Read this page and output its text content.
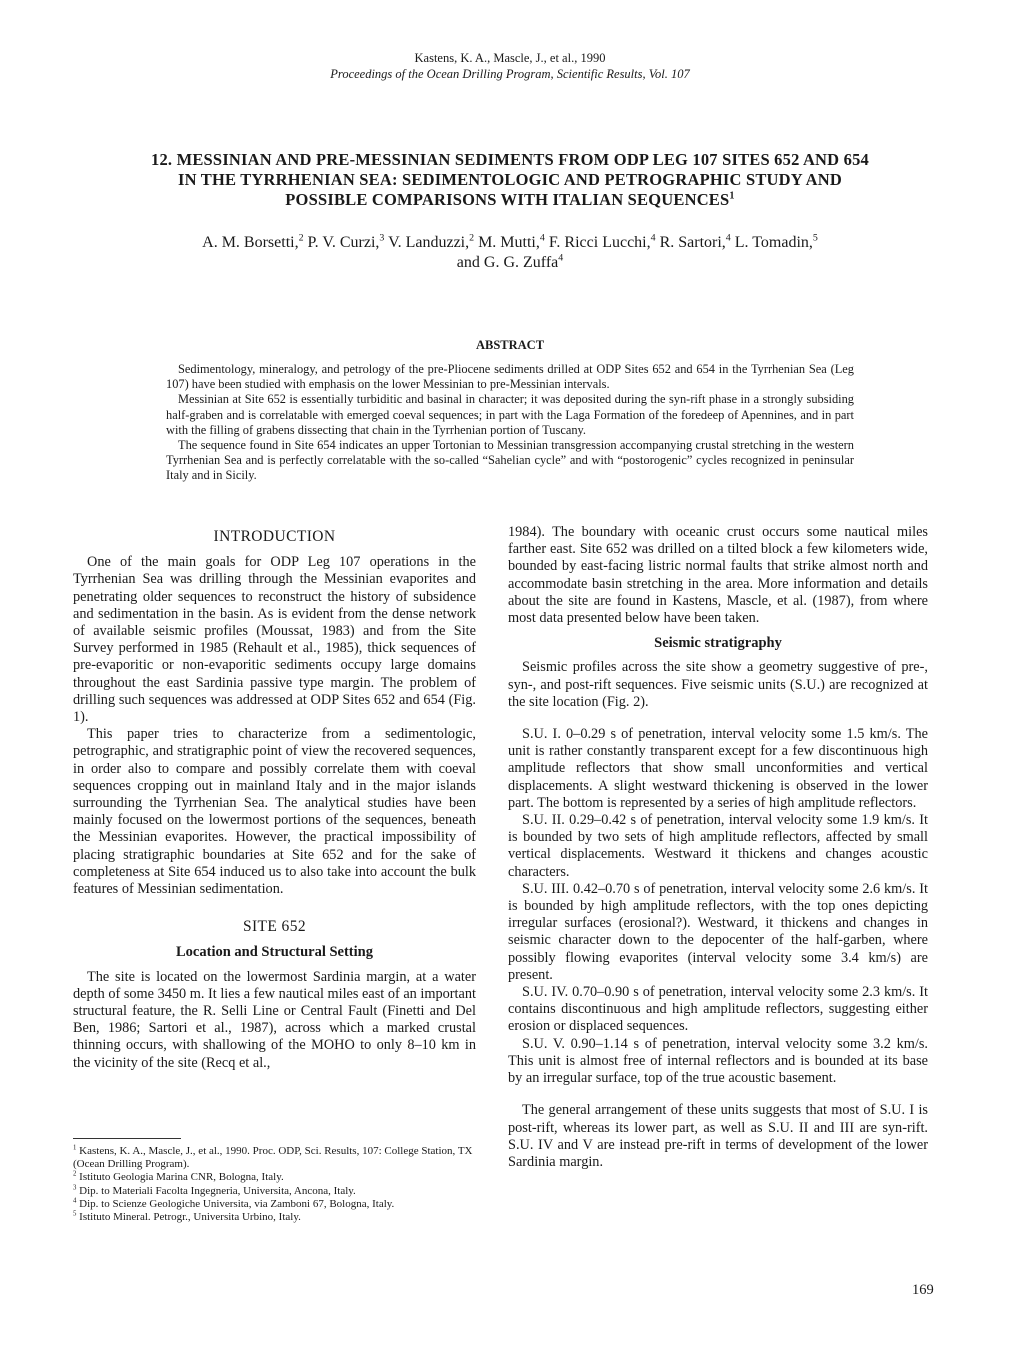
Kastens, K. A., Mascle, J., et al., 1990
Proceedings of the Ocean Drilling Program, Scientific Results, Vol. 107
12. MESSINIAN AND PRE-MESSINIAN SEDIMENTS FROM ODP LEG 107 SITES 652 AND 654
IN THE TYRRHENIAN SEA: SEDIMENTOLOGIC AND PETROGRAPHIC STUDY AND
POSSIBLE COMPARISONS WITH ITALIAN SEQUENCES$^1$
A. M. Borsetti,$^2$ P. V. Curzi,$^3$ V. Landuzzi,$^2$ M. Mutti,$^4$ F. Ricci Lucchi,$^4$ R. Sartori,$^4$ L. Tomadin,$^5$
and G. G. Zuffa$^4$
ABSTRACT

Sedimentology, mineralogy, and petrology of the pre-Pliocene sediments drilled at ODP Sites 652 and 654 in the Tyrrhenian Sea (Leg 107) have been studied with emphasis on the lower Messinian to pre-Messinian intervals.

Messinian at Site 652 is essentially turbiditic and basinal in character; it was deposited during the syn-rift phase in a strongly subsiding half-graben and is correlatable with emerged coeval sequences; in part with the Laga Formation of the foredeep of Apennines, and in part with the filling of grabens dissecting that chain in the Tyrrhenian portion of Tuscany.

The sequence found in Site 654 indicates an upper Tortonian to Messinian transgression accompanying crustal stretching in the western Tyrrhenian Sea and is perfectly correlatable with the so-called “Sahelian cycle” and with “postorogenic” cycles recognized in peninsular Italy and in Sicily.

INTRODUCTION

One of the main goals for ODP Leg 107 operations in the Tyrrhenian Sea was drilling through the Messinian evaporites and penetrating older sequences to reconstruct the history of subsidence and sedimentation in the basin. As is evident from the dense network of available seismic profiles (Moussat, 1983) and from the Site Survey performed in 1985 (Rehault et al., 1985), thick sequences of pre-evaporitic or non-evaporitic sediments occupy large domains throughout the east Sardinia passive type margin. The problem of drilling such sequences was addressed at ODP Sites 652 and 654 (Fig. 1).

This paper tries to characterize from a sedimentologic, petrographic, and stratigraphic point of view the recovered sequences, in order also to compare and possibly correlate them with coeval sequences cropping out in mainland Italy and in the major islands surrounding the Tyrrhenian Sea. The analytical studies have been mainly focused on the lowermost portions of the sequences, beneath the Messinian evaporites. However, the practical impossibility of placing stratigraphic boundaries at Site 652 and for the sake of completeness at Site 654 induced us to also take into account the bulk features of Messinian sedimentation.

SITE 652
Location and Structural Setting

The site is located on the lowermost Sardinia margin, at a water depth of some 3450 m. It lies a few nautical miles east of an important structural feature, the R. Selli Line or Central Fault (Finetti and Del Ben, 1986; Sartori et al., 1987), across which a marked crustal thinning occurs, with shallowing of the MOHO to only 8–10 km in the vicinity of the site (Recq et al.,

1984). The boundary with oceanic crust occurs some nautical miles farther east. Site 652 was drilled on a tilted block a few kilometers wide, bounded by east-facing listric normal faults that strike almost north and accommodate basin stretching in the area. More information and details about the site are found in Kastens, Mascle, et al. (1987), from where most data presented below have been taken.

Seismic stratigraphy

Seismic profiles across the site show a geometry suggestive of pre-, syn-, and post-rift sequences. Five seismic units (S.U.) are recognized at the site location (Fig. 2).

S.U. I. 0–0.29 s of penetration, interval velocity some 1.5 km/s. The unit is rather constantly transparent except for a few discontinuous high amplitude reflectors that show small unconformities and vertical displacements. A slight westward thickening is observed in the lower part. The bottom is represented by a series of high amplitude reflectors.

S.U. II. 0.29–0.42 s of penetration, interval velocity some 1.9 km/s. It is bounded by two sets of high amplitude reflectors, affected by small vertical displacements. Westward it thickens and changes acoustic characters.

S.U. III. 0.42–0.70 s of penetration, interval velocity some 2.6 km/s. It is bounded by high amplitude reflectors, with the top ones depicting irregular surfaces (erosional?). Westward, it thickens and changes in seismic character down to the depocenter of the half-garben, where possibly flowing evaporites (interval velocity some 3.4 km/s) are present.

S.U. IV. 0.70–0.90 s of penetration, interval velocity some 2.3 km/s. It contains discontinuous and high amplitude reflectors, suggesting either erosion or displaced sequences.

S.U. V. 0.90–1.14 s of penetration, interval velocity some 3.2 km/s. This unit is almost free of internal reflectors and is bounded at its base by an irregular surface, top of the true acoustic basement.

The general arrangement of these units suggests that most of S.U. I is post-rift, whereas its lower part, as well as S.U. II and III are syn-rift. S.U. IV and V are instead pre-rift in terms of development of the lower Sardinia margin.

$^1$ Kastens, K. A., Mascle, J., et al., 1990. Proc. ODP, Sci. Results, 107: College Station, TX (Ocean Drilling Program).

$^2$ Istituto Geologia Marina CNR, Bologna, Italy.

$^3$ Dip. to Materiali Facolta Ingegneria, Universita, Ancona, Italy.

$^4$ Dip. to Scienze Geologiche Universita, via Zamboni 67, Bologna, Italy.

$^5$ Istituto Mineral. Petrogr., Universita Urbino, Italy.

169
